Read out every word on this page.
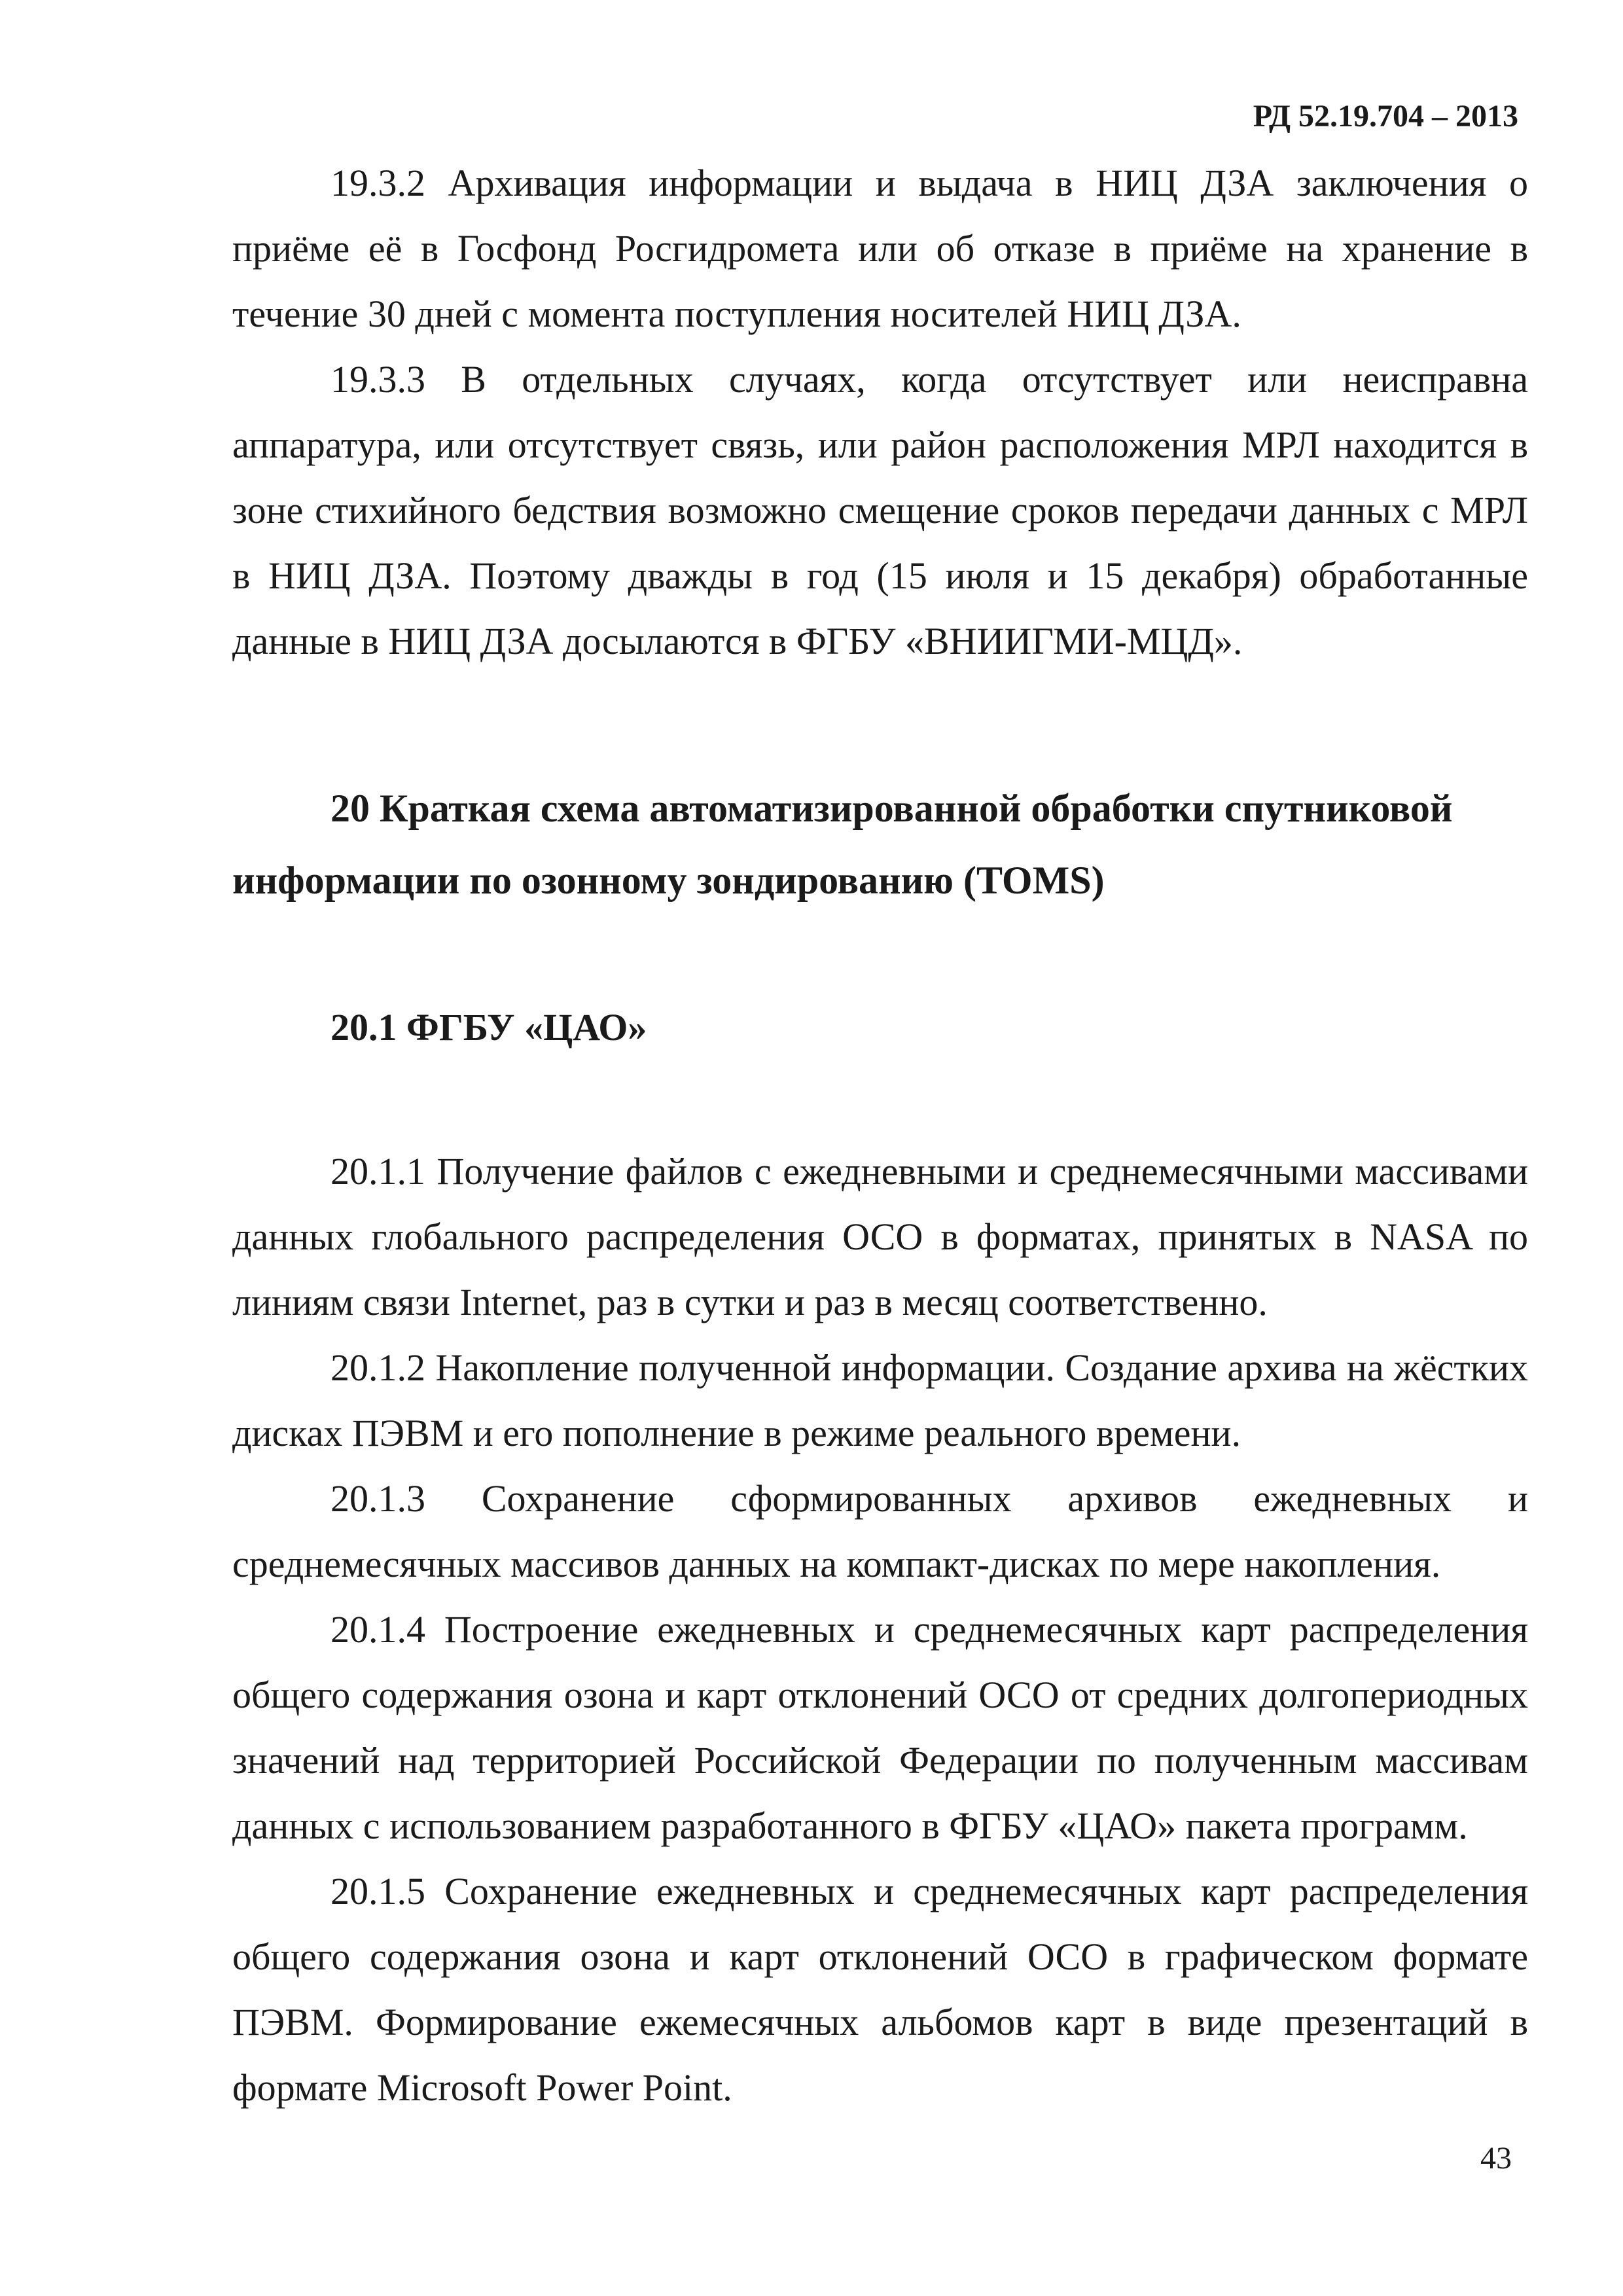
РД 52.19.704 – 2013

19.3.2 Архивация информации и выдача в НИЦ ДЗА заключения о приёме её в Госфонд Росгидромета или об отказе в приёме на хранение в течение 30 дней с момента поступления носителей НИЦ ДЗА.

19.3.3 В отдельных случаях, когда отсутствует или неисправна аппаратура, или отсутствует связь, или район расположения МРЛ находится в зоне стихийного бедствия возможно смещение сроков передачи данных с МРЛ в НИЦ ДЗА. Поэтому дважды в год (15 июля и 15 декабря) обработанные данные в НИЦ ДЗА досылаются в ФГБУ «ВНИИГМИ-МЦД».

20 Краткая схема автоматизированной обработки спутниковой информации по озонному зондированию (TOMS)
20.1 ФГБУ «ЦАО»

20.1.1 Получение файлов с ежедневными и среднемесячными массивами данных глобального распределения ОСО в форматах, принятых в NASA по линиям связи Internet, раз в сутки и раз в месяц соответственно.

20.1.2 Накопление полученной информации. Создание архива на жёстких дисках ПЭВМ и его пополнение в режиме реального времени.

20.1.3 Сохранение сформированных архивов ежедневных и среднемесячных массивов данных на компакт-дисках по мере накопления.

20.1.4 Построение ежедневных и среднемесячных карт распределения общего содержания озона и карт отклонений ОСО от средних долгопериодных значений над территорией Российской Федерации по полученным массивам данных с использованием разработанного в ФГБУ «ЦАО» пакета программ.

20.1.5 Сохранение ежедневных и среднемесячных карт распределения общего содержания озона и карт отклонений ОСО в графическом формате ПЭВМ. Формирование ежемесячных альбомов карт в виде презентаций в формате Microsoft Power Point.

43
